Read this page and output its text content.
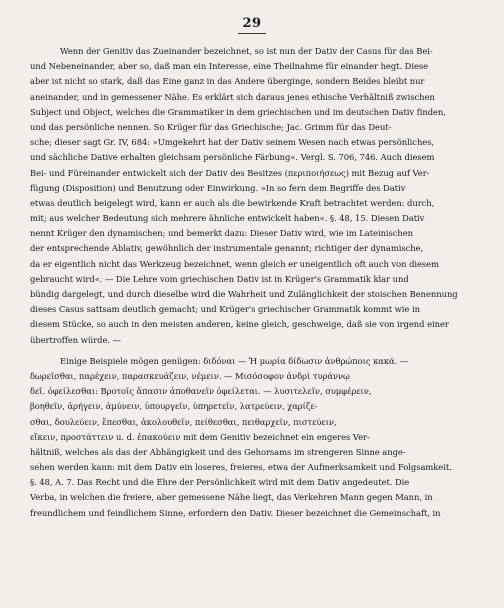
29
Wenn der Genitiv das Zueinander bezeichnet, so ist nun der Dativ der Casus für das Bei-
und Nebeneinander, aber so, daß man ein Interesse, eine Theilnahme für einander hegt. Diese
aber ist nicht so stark, daß das Eine ganz in das Andere überginge, sondern Beides bleibt nur
aneinander, und in gemessener Nähe. Es erklärt sich daraus jenes ethische Verhältniß zwischen
Subject und Object, welches die Grammatiker in dem griechischen und im deutschen Dativ finden,
und das persönliche nennen. So Krüger für das Griechische; Jac. Grimm für das Deut-
sche; dieser sagt Gr. IV, 684: »Umgekehrt hat der Dativ seinem Wesen nach etwas persönliches,
und sächliche Dative erhalten gleichsam persönliche Färbung«. Vergl. S. 706, 746. Auch diesem
Bei- und Füreinander entwickelt sich der Dativ des Besitzes (περιποιήσεως) mit Bezug auf Ver-
fügung (Disposition) und Benutzung oder Einwirkung. »In so fern dem Begriffe des Dativ
etwas deutlich beigelegt wird, kann er auch als die bewirkende Kraft betrachtet werden: durch,
mit; aus welcher Bedeutung sich mehrere ähnliche entwickelt haben«. §. 48, 15. Diesen Dativ
nennt Krüger den dynamischen; und bemerkt dazu: Dieser Dativ wird, wie im Lateinischen
der entsprechende Ablativ, gewöhnlich der instrumentale genannt; richtiger der dynamische,
da er eigentlich nicht das Werkzeug bezeichnet, wenn gleich er uneigentlich oft auch von diesem
gebraucht wird«. — Die Lehre vom griechischen Dativ ist in Krüger's Grammatik klar und
bündig dargelegt, und durch dieselbe wird die Wahrheit und Zulänglichkeit der stoischen Benennung
dieses Casus sattsam deutlich gemacht; und Krüger's griechischer Grammatik kommt wie in
diesem Stücke, so auch in den meisten anderen, keine gleich, geschweige, daß sie von irgend einer
übertroffen würde. —
Einige Beispiele mögen genügen: διδόναι — Ἡ μωρία δίδωσιν ἀνθρώποις κακά. —
δωρεῖσθαι, παρέχειν, παρασκευάζειν, νέμειν. — Μισόσοφον ἀνδρὶ τυράννῳ
δεῖ. ὀφείλεσθαι: Βροτοῖς ἅπασιν ἀποθανεῖν ὀφείλεται. — λυσιτελεῖν, συμφέρειν,
βοηθεῖν, ἀρήγειν, ἀμύνειν, ὑπουργεῖν, ὑπηρετεῖν, λατρεύειν, χαρίζε-
σθαι, δουλεύειν, ἕπεσθαι, ἀκολουθεῖν, πείθεσθαι, πειθαρχεῖν, πιστεύειν,
εἴκειν, προστάττειν u. d. ἐπακούειν mit dem Genitiv bezeichnet ein engeres Ver-
hältniß, welches als das der Abhängigkeit und des Gehorsams im strengeren Sinne ange-
sehen werden kann: mit dem Dativ ein loseres, freieres, etwa der Aufmerksamkeit und Folgsamkeit.
§. 48, A. 7. Das Recht und die Ehre der Persönlichkeit wird mit dem Dativ angedeutet. Die
Verba, in welchen die freiere, aber gemessene Nähe liegt, das Verkehren Mann gegen Mann, in
freundlichem und feindlichem Sinne, erfordern den Dativ. Dieser bezeichnet die Gemeinschaft, in
